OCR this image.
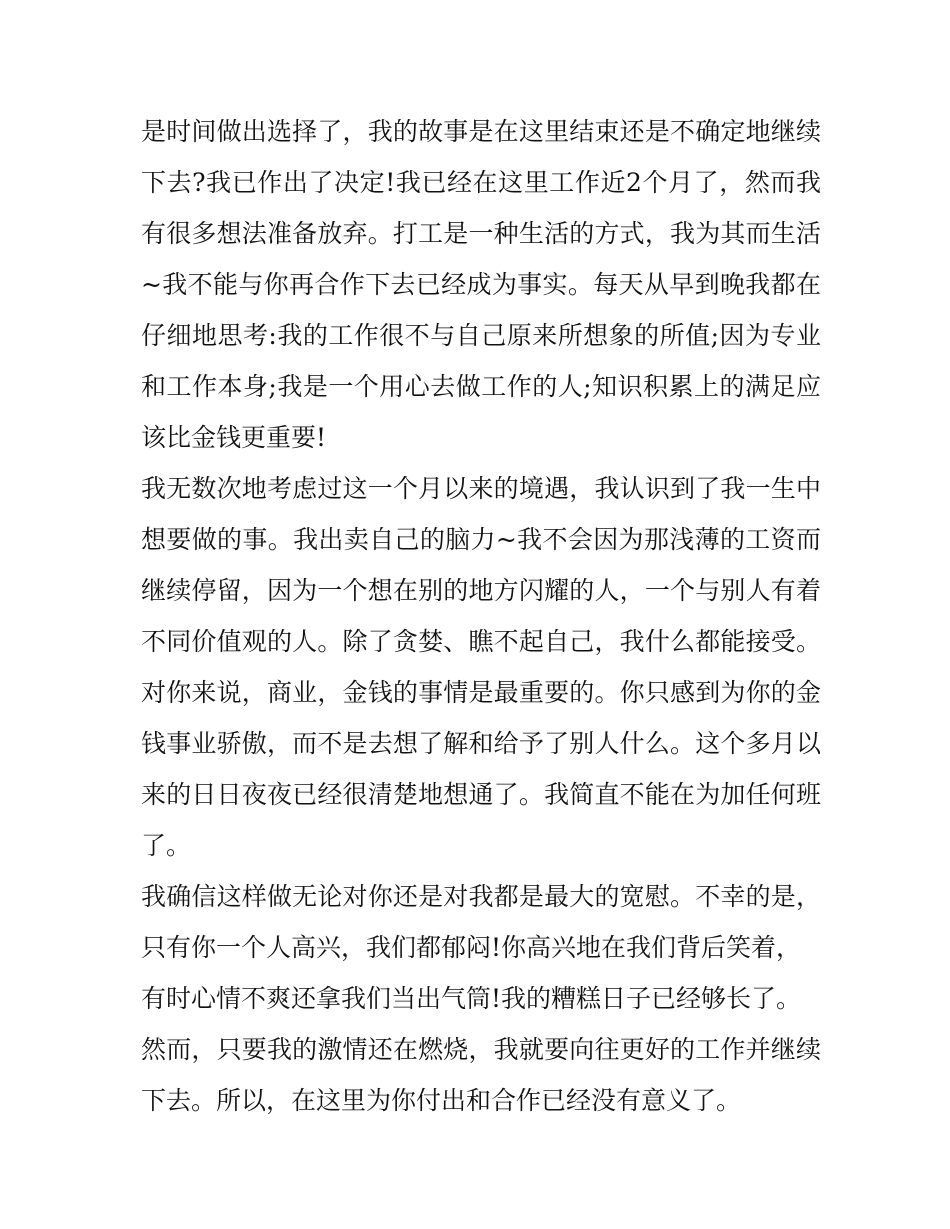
是时间做出选择了，我的故事是在这里结束还是不确定地继续
下去?我已作出了决定!我已经在这里工作近2个月了，然而我
有很多想法准备放弃。打工是一种生活的方式，我为其而生活
~我不能与你再合作下去已经成为事实。每天从早到晚我都在
仔细地思考:我的工作很不与自己原来所想象的所值;因为专业
和工作本身;我是一个用心去做工作的人;知识积累上的满足应
该比金钱更重要!
我无数次地考虑过这一个月以来的境遇，我认识到了我一生中
想要做的事。我出卖自己的脑力~我不会因为那浅薄的工资而
继续停留，因为一个想在别的地方闪耀的人，一个与别人有着
不同价值观的人。除了贪婪、瞧不起自己，我什么都能接受。
对你来说，商业，金钱的事情是最重要的。你只感到为你的金
钱事业骄傲，而不是去想了解和给予了别人什么。这个多月以
来的日日夜夜已经很清楚地想通了。我简直不能在为加任何班
了。
我确信这样做无论对你还是对我都是最大的宽慰。不幸的是，
只有你一个人高兴，我们都郁闷!你高兴地在我们背后笑着，
有时心情不爽还拿我们当出气筒!我的糟糕日子已经够长了。
然而，只要我的激情还在燃烧，我就要向往更好的工作并继续
下去。所以，在这里为你付出和合作已经没有意义了。
